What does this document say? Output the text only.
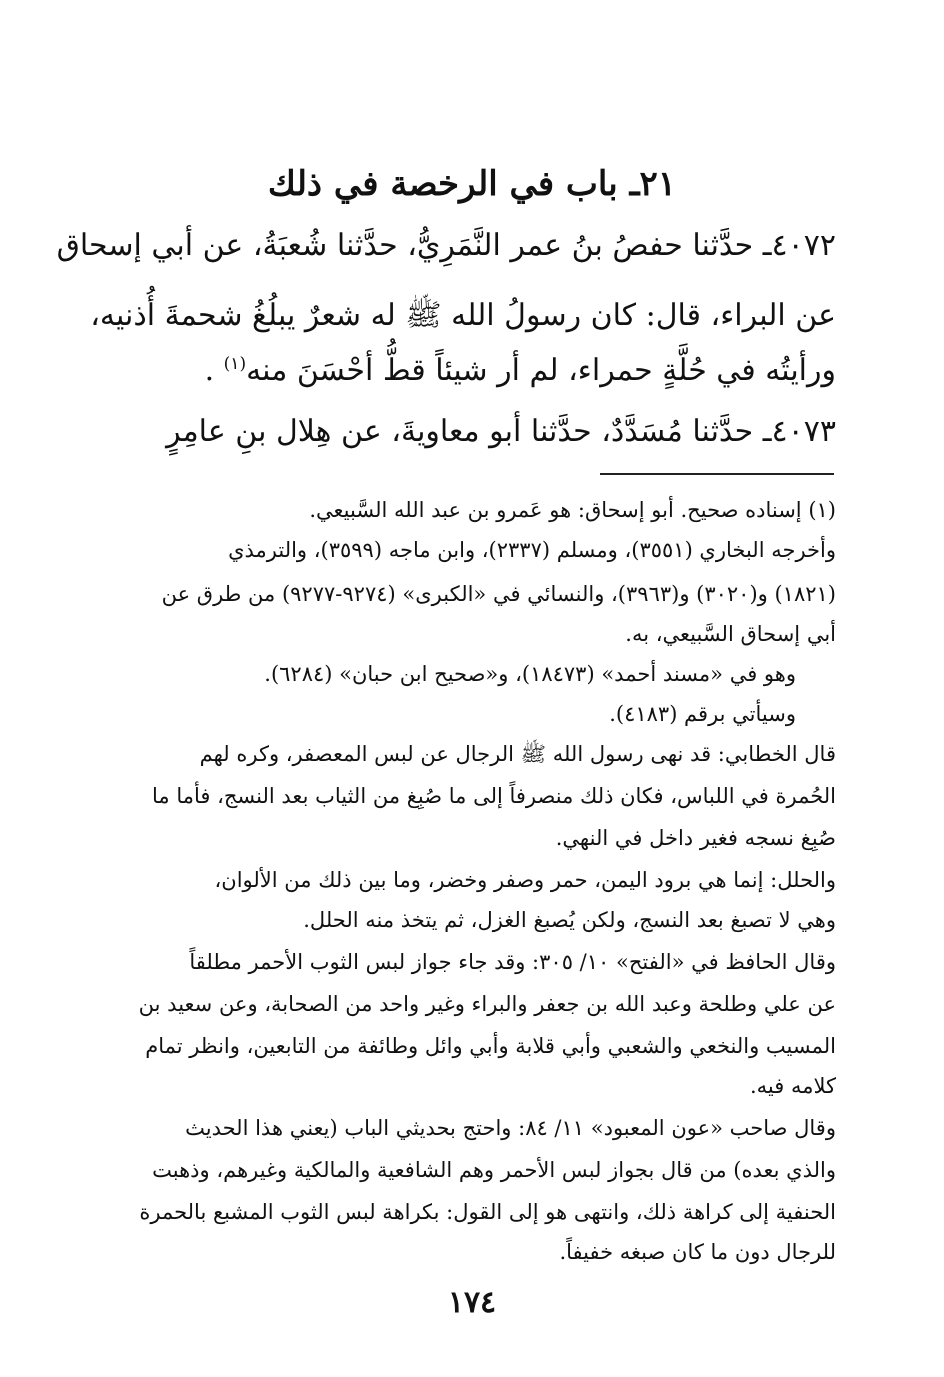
٢١ـ باب في الرخصة في ذلك
٤٠٧٢ـ حدَّثنا حفصُ بنُ عمر النَّمَرِيُّ، حدَّثنا شُعبَةُ، عن أبي إسحاق
عن البراء، قال: كان رسولُ الله ﷺ له شعرٌ يبلُغُ شحمةَ أُذنيه،
ورأيتُه في حُلَّةٍ حمراء، لم أر شيئاً قطُّ أحْسَنَ منه$^{(١)}$ .
٤٠٧٣ـ حدَّثنا مُسَدَّدٌ، حدَّثنا أبو معاويةَ، عن هِلال بنِ عامِرٍ
(١) إسناده صحيح. أبو إسحاق: هو عَمرو بن عبد الله السَّبيعي.
وأخرجه البخاري (٣٥٥١)، ومسلم (٢٣٣٧)، وابن ماجه (٣٥٩٩)، والترمذي
(١٨٢١) و(٣٠٢٠) و(٣٩٦٣)، والنسائي في «الكبرى» (٩٢٧٤-٩٢٧٧) من طرق عن
أبي إسحاق السَّبيعي، به.
وهو في «مسند أحمد» (١٨٤٧٣)، و«صحيح ابن حبان» (٦٢٨٤).
وسيأتي برقم (٤١٨٣).
قال الخطابي: قد نهى رسول الله ﷺ الرجال عن لبس المعصفر، وكره لهم
الحُمرة في اللباس، فكان ذلك منصرفاً إلى ما صُبِغ من الثياب بعد النسج، فأما ما
صُبِغ نسجه فغير داخل في النهي.
والحلل: إنما هي برود اليمن، حمر وصفر وخضر، وما بين ذلك من الألوان،
وهي لا تصبغ بعد النسج، ولكن يُصبغ الغزل، ثم يتخذ منه الحلل.
وقال الحافظ في «الفتح» ١٠/ ٣٠٥: وقد جاء جواز لبس الثوب الأحمر مطلقاً
عن علي وطلحة وعبد الله بن جعفر والبراء وغير واحد من الصحابة، وعن سعيد بن
المسيب والنخعي والشعبي وأبي قلابة وأبي وائل وطائفة من التابعين، وانظر تمام
كلامه فيه.
وقال صاحب «عون المعبود» ١١/ ٨٤: واحتج بحديثي الباب (يعني هذا الحديث
والذي بعده) من قال بجواز لبس الأحمر وهم الشافعية والمالكية وغيرهم، وذهبت
الحنفية إلى كراهة ذلك، وانتهى هو إلى القول: بكراهة لبس الثوب المشبع بالحمرة
للرجال دون ما كان صبغه خفيفاً.
١٧٤
